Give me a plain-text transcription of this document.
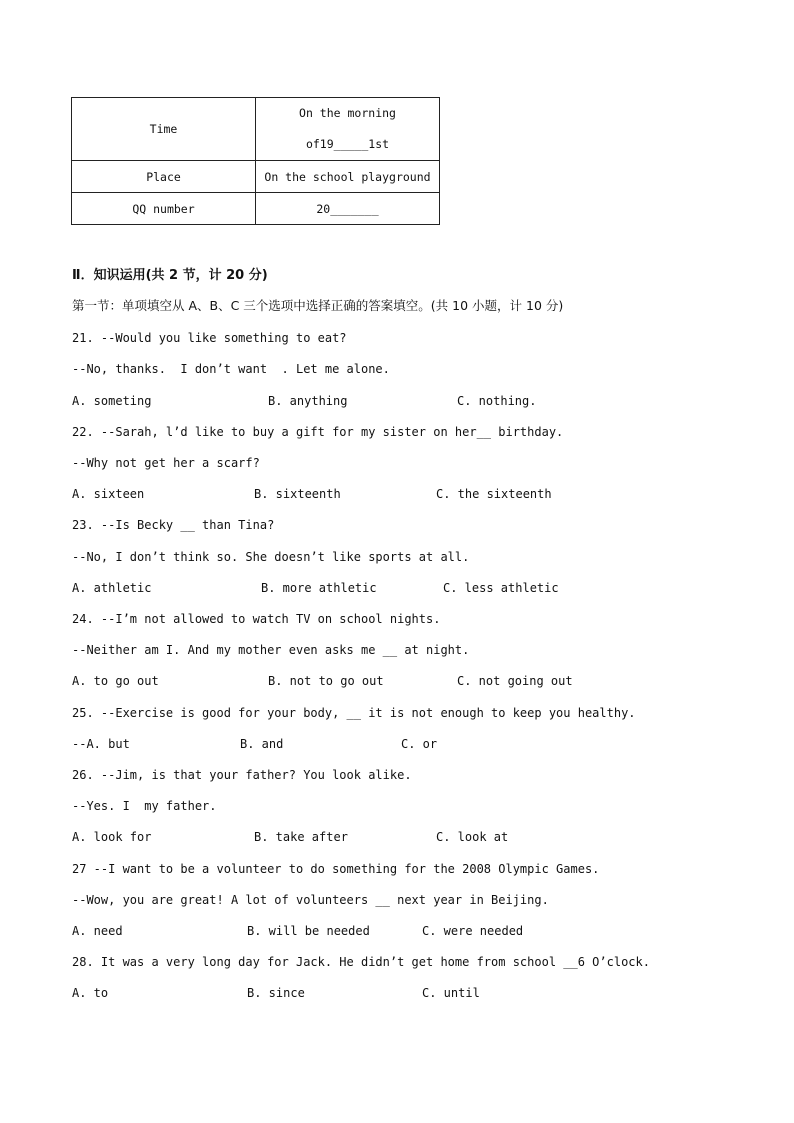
Time	On the morning
of19_____1st

Place	On the school playground
QQ number	20_______
Ⅱ．知识运用(共 2 节，计 20 分)
第一节：单项填空从 A、B、C 三个选项中选择正确的答案填空。(共 10 小题，计 10 分)
21. --Would you like something to eat?
--No, thanks.  I don’t want  . Let me alone.
A. someting	B. anything	C. nothing.
22. --Sarah, l’d like to buy a gift for my sister on her__ birthday.
--Why not get her a scarf?
A. sixteen	B. sixteenth	C. the sixteenth
23. --Is Becky __ than Tina?
--No, I don’t think so. She doesn’t like sports at all.
A. athletic	B. more athletic	C. less athletic
24. --I’m not allowed to watch TV on school nights.
--Neither am I. And my mother even asks me __ at night.
A. to go out	B. not to go out	C. not going out
25. --Exercise is good for your body, __ it is not enough to keep you healthy.
--A. but	B. and	C. or
26. --Jim, is that your father? You look alike.
--Yes. I  my father.
A. look for	B. take after	C. look at
27 --I want to be a volunteer to do something for the 2008 Olympic Games.
--Wow, you are great! A lot of volunteers __ next year in Beijing.
A. need	B. will be needed	C. were needed
28. It was a very long day for Jack. He didn’t get home from school __6 O’clock.
A. to	B. since	C. until
